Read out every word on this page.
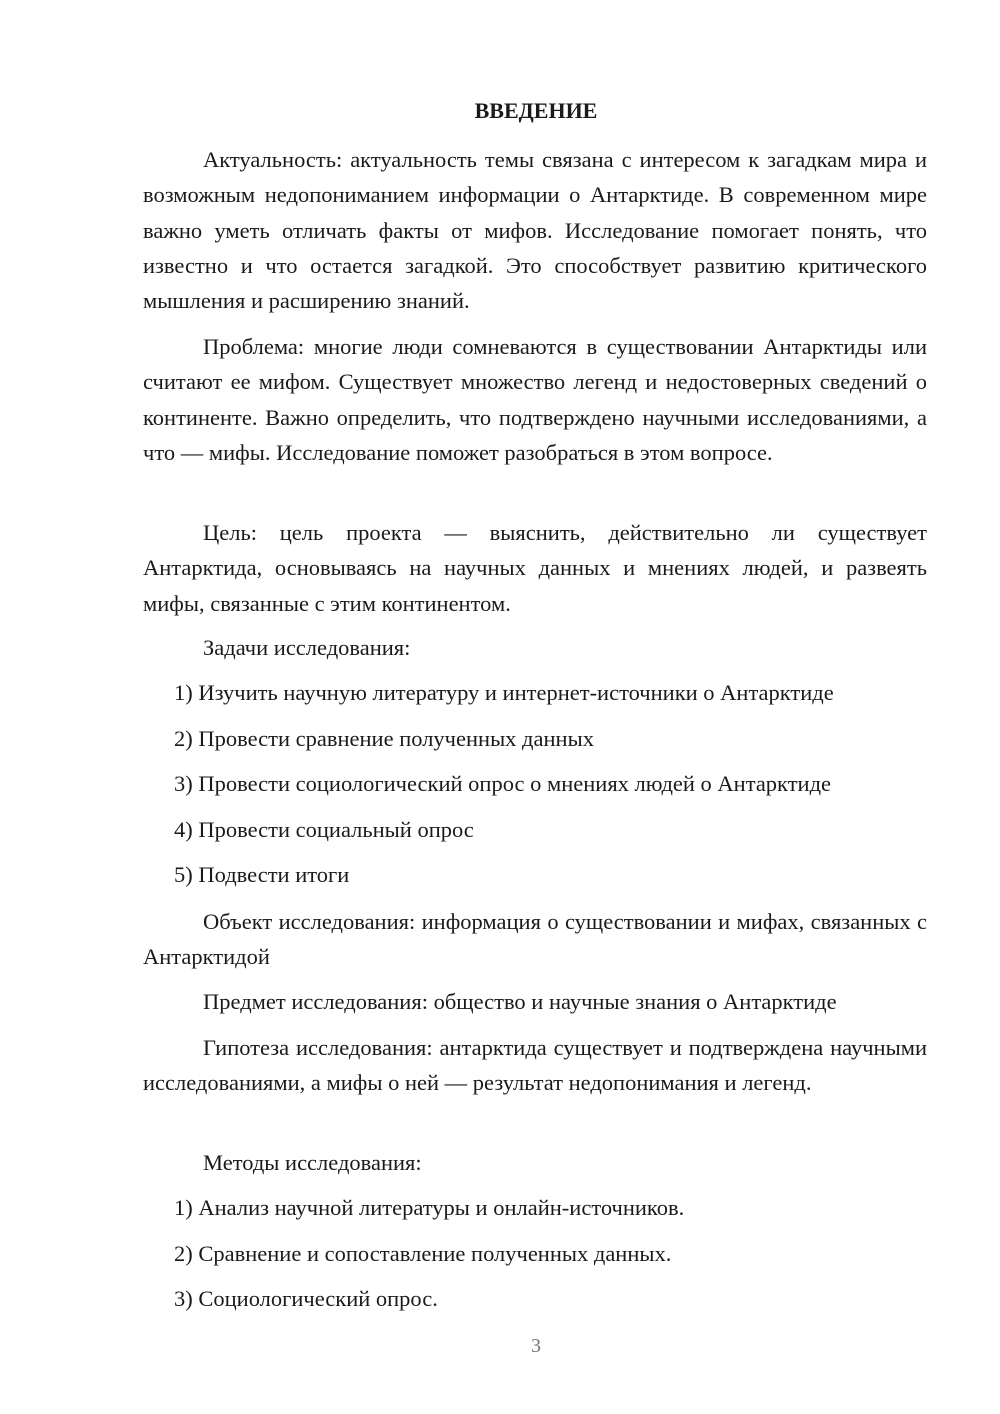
ВВЕДЕНИЕ

Актуальность: актуальность темы связана с интересом к загадкам мира и возможным недопониманием информации о Антарктиде. В современном мире важно уметь отличать факты от мифов. Исследование помогает понять, что известно и что остается загадкой. Это способствует развитию критического мышления и расширению знаний.

Проблема: многие люди сомневаются в существовании Антарктиды или считают ее мифом. Существует множество легенд и недостоверных сведений о континенте. Важно определить, что подтверждено научными исследованиями, а что — мифы. Исследование поможет разобраться в этом вопросе.

Цель: цель проекта — выяснить, действительно ли существует Антарктида, основываясь на научных данных и мнениях людей, и развеять мифы, связанные с этим континентом.

Задачи исследования:
1) Изучить научную литературу и интернет-источники о Антарктиде
2) Провести сравнение полученных данных
3) Провести социологический опрос о мнениях людей о Антарктиде
4) Провести социальный опрос
5) Подвести итоги

Объект исследования: информация о существовании и мифах, связанных с Антарктидой

Предмет исследования: общество и научные знания о Антарктиде

Гипотеза исследования: антарктида существует и подтверждена научными исследованиями, а мифы о ней — результат недопонимания и легенд.

Методы исследования:
1) Анализ научной литературы и онлайн-источников.
2) Сравнение и сопоставление полученных данных.
3) Социологический опрос.
3
